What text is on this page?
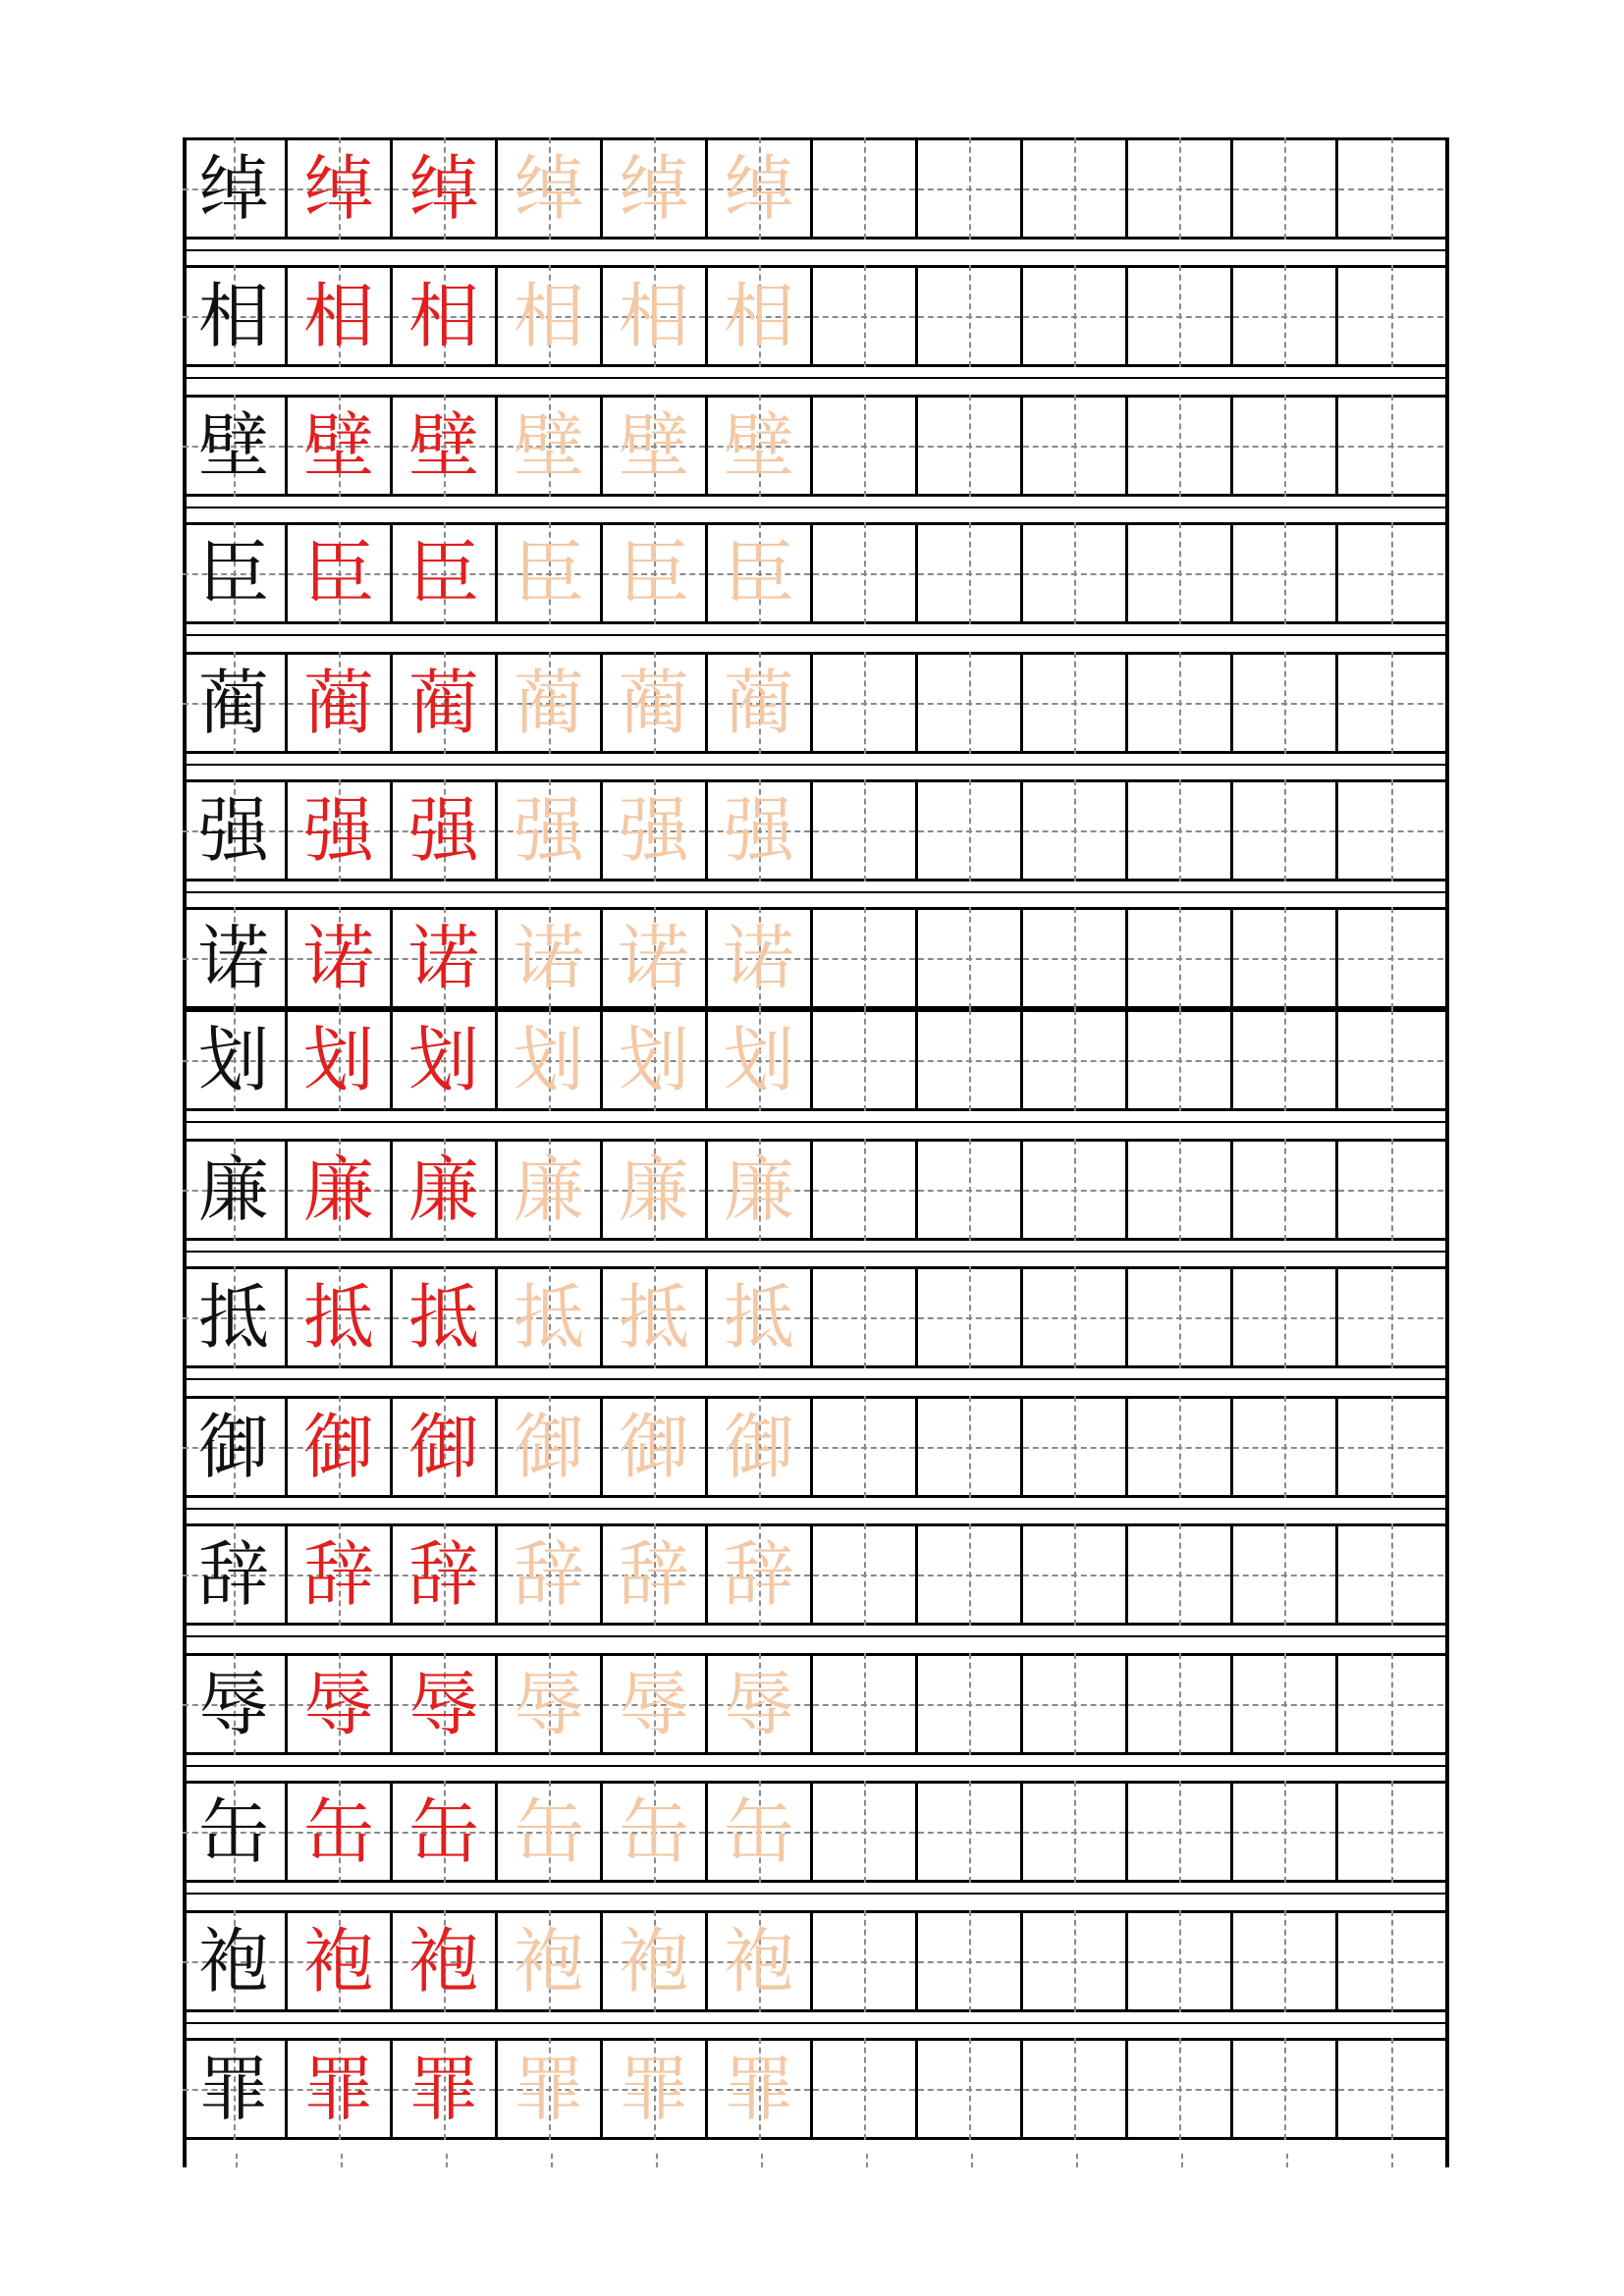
绰 绰 绰 绰 绰 绰
相 相 相 相 相 相
壁 壁 壁 壁 壁 壁
臣 臣 臣 臣 臣 臣
蔺 蔺 蔺 蔺 蔺 蔺
强 强 强 强 强 强
诺 诺 诺 诺 诺 诺
划 划 划 划 划 划
廉 廉 廉 廉 廉 廉
抵 抵 抵 抵 抵 抵
御 御 御 御 御 御
辞 辞 辞 辞 辞 辞
辱 辱 辱 辱 辱 辱
缶 缶 缶 缶 缶 缶
袍 袍 袍 袍 袍 袍
罪 罪 罪 罪 罪 罪
